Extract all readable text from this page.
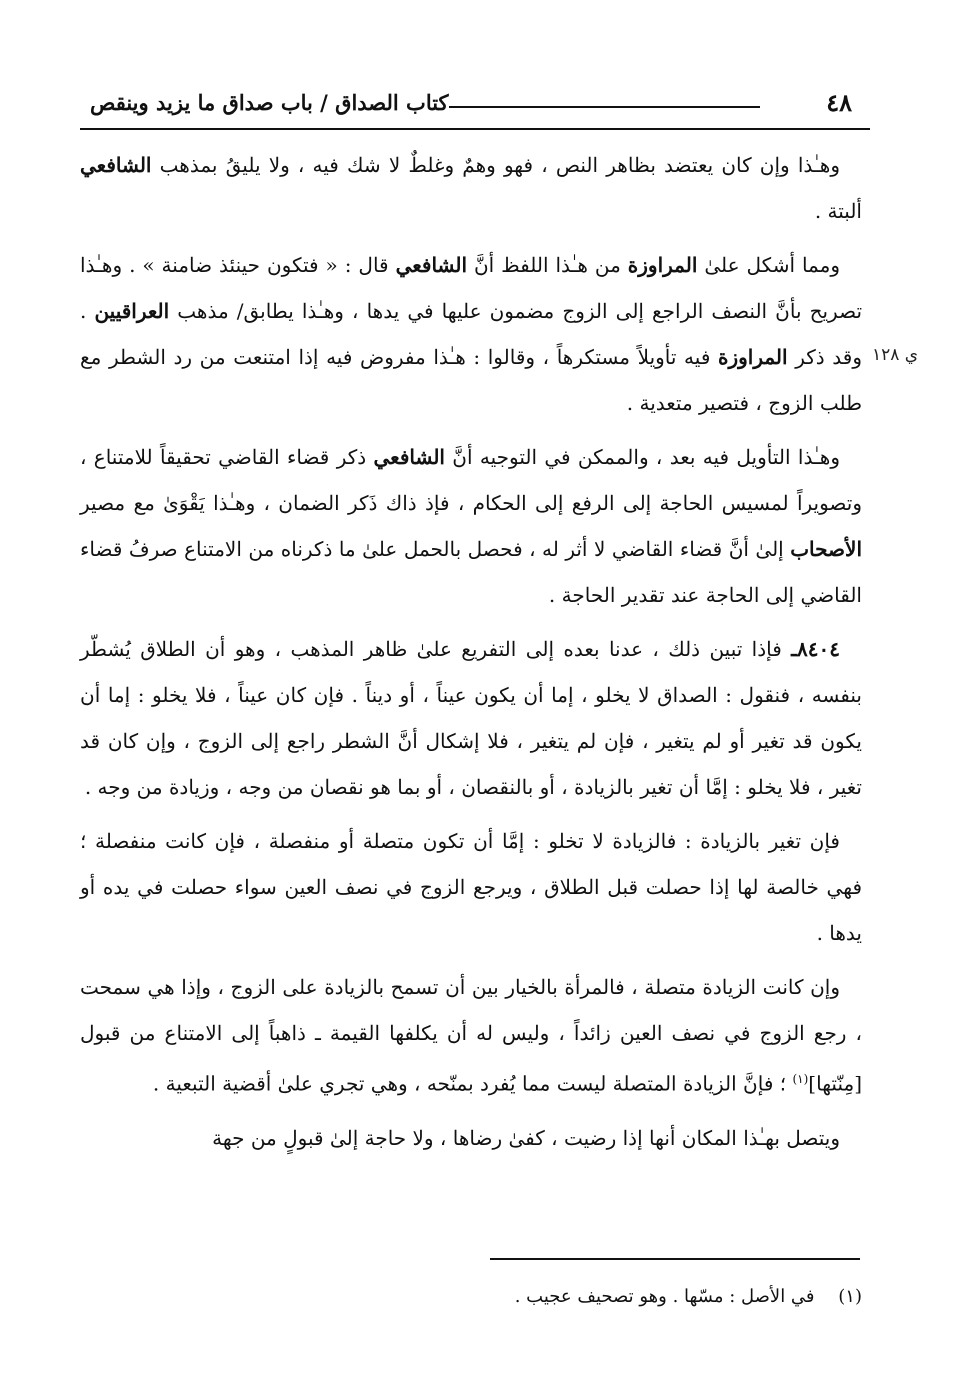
٤٨
كتاب الصداق / باب صداق ما يزيد وينقص
ي ١٢٨

وهـٰذا وإن كان يعتضد بظاهر النص ، فهو وهمٌ وغلطٌ لا شك فيه ، ولا يليقُ بمذهب الشافعي ألبتة .

ومما أشكل علىٰ المراوزة من هـٰذا اللفظ أنَّ الشافعي قال : « فتكون حينئذ ضامنة » . وهـٰذا تصريح بأنَّ النصف الراجع إلى الزوج مضمون عليها في يدها ، وهـٰذا يطابق/ مذهب العراقيين . وقد ذكر المراوزة فيه تأويلاً مستكرهاً ، وقالوا : هـٰذا مفروض فيه إذا امتنعت من رد الشطر مع طلب الزوج ، فتصير متعدية .

وهـٰذا التأويل فيه بعد ، والممكن في التوجيه أنَّ الشافعي ذكر قضاء القاضي تحقيقاً للامتناع ، وتصويراً لمسيس الحاجة إلى الرفع إلى الحكام ، فإذ ذاك ذَكر الضمان ، وهـٰذا يَقْوَىٰ مع مصير الأصحاب إلىٰ أنَّ قضاء القاضي لا أثر له ، فحصل بالحمل علىٰ ما ذكرناه من الامتناع صرفُ قضاء القاضي إلى الحاجة عند تقدير الحاجة .

٨٤٠٤ـ فإذا تبين ذلك ، عدنا بعده إلى التفريع علىٰ ظاهر المذهب ، وهو أن الطلاق يُشطّر بنفسه ، فنقول : الصداق لا يخلو ، إما أن يكون عيناً ، أو ديناً . فإن كان عيناً ، فلا يخلو : إما أن يكون قد تغير أو لم يتغير ، فإن لم يتغير ، فلا إشكال أنَّ الشطر راجع إلى الزوج ، وإن كان قد تغير ، فلا يخلو : إمَّا أن تغير بالزيادة ، أو بالنقصان ، أو بما هو نقصان من وجه ، وزيادة من وجه .

فإن تغير بالزيادة : فالزيادة لا تخلو : إمَّا أن تكون متصلة أو منفصلة ، فإن كانت منفصلة ؛ فهي خالصة لها إذا حصلت قبل الطلاق ، ويرجع الزوج في نصف العين سواء حصلت في يده أو يدها .

وإن كانت الزيادة متصلة ، فالمرأة بالخيار بين أن تسمح بالزيادة على الزوج ، وإذا هي سمحت ، رجع الزوج في نصف العين زائداً ، وليس له أن يكلفها القيمة ـ ذاهباً إلى الامتناع من قبول [مِنّتها]$^{(١)}$ ؛ فإنَّ الزيادة المتصلة ليست مما يُفرد بمنّحه ، وهي تجري علىٰ أقضية التبعية .

ويتصل بهـٰذا المكان أنها إذا رضيت ، كفىٰ رضاها ، ولا حاجة إلىٰ قبولٍ من جهة

(١) في الأصل : مسّها . وهو تصحيف عجيب .
